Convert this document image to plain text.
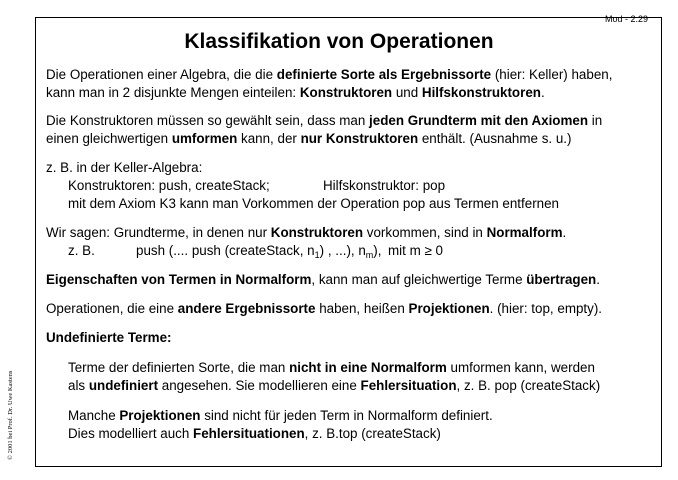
Mod - 2.29
© 2001 bei Prof. Dr. Uwe Kastens
Klassifikation von Operationen

Die Operationen einer Algebra, die die definierte Sorte als Ergebnissorte (hier: Keller) haben,
kann man in 2 disjunkte Mengen einteilen: Konstruktoren und Hilfskonstruktoren.

Die Konstruktoren müssen so gewählt sein, dass man jeden Grundterm mit den Axiomen in
einen gleichwertigen umformen kann, der nur Konstruktoren enthält. (Ausnahme s. u.)

z. B. in der Keller-Algebra:
Konstruktoren: push, createStack;	Hilfskonstruktor: pop
mit dem Axiom K3 kann man Vorkommen der Operation pop aus Termen entfernen

Wir sagen: Grundterme, in denen nur Konstruktoren vorkommen, sind in Normalform.
z. B.	push (.... push (createStack, $n_1$) , ...), $n_m$), mit m ≥ 0

Eigenschaften von Termen in Normalform, kann man auf gleichwertige Terme übertragen.

Operationen, die eine andere Ergebnissorte haben, heißen Projektionen. (hier: top, empty).

Undefinierte Terme:

Terme der definierten Sorte, die man nicht in eine Normalform umformen kann, werden
als undefiniert angesehen. Sie modellieren eine Fehlersituation, z. B. pop (createStack)

Manche Projektionen sind nicht für jeden Term in Normalform definiert.
Dies modelliert auch Fehlersituationen, z. B.top (createStack)
